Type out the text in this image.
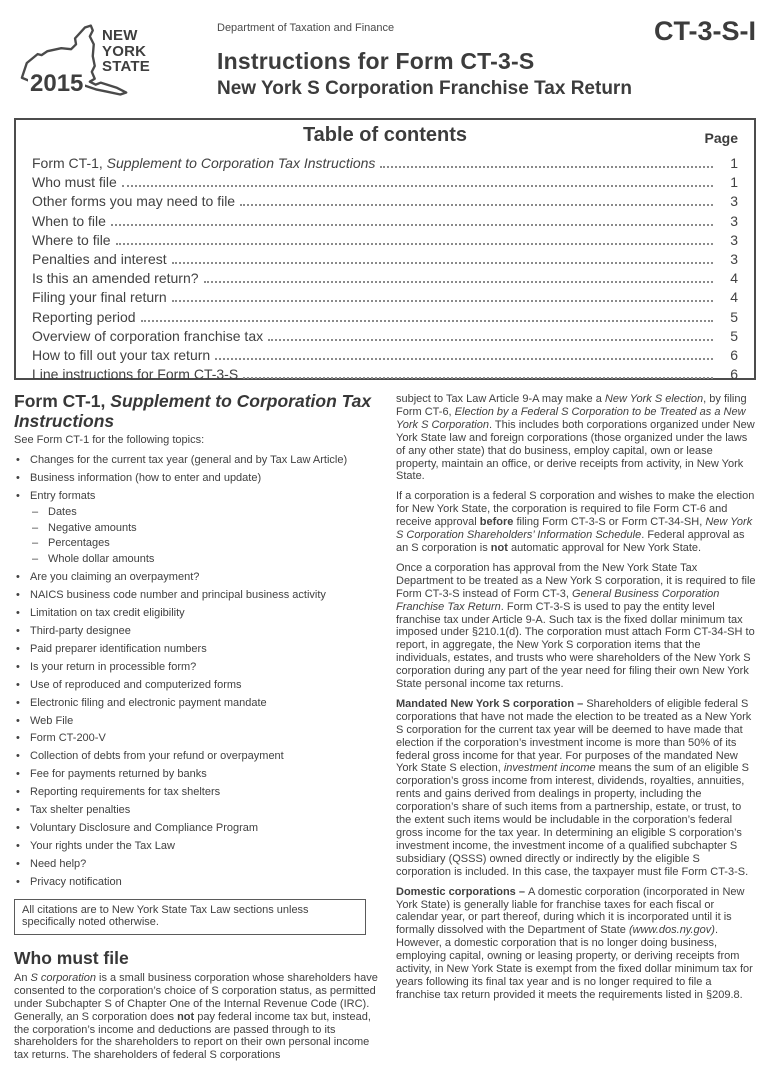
NEW
YORK
STATE
2015
Department of Taxation and Finance
Instructions for Form CT-3-S
New York S Corporation Franchise Tax Return
CT-3-S-I
Table of contents	Page
Form CT-1, Supplement to Corporation Tax Instructions	1
Who must file	1
Other forms you may need to file	3
When to file	3
Where to file	3
Penalties and interest	3
Is this an amended return?	4
Filing your final return	4
Reporting period	5
Overview of corporation franchise tax	5
How to fill out your tax return	6
Line instructions for Form CT-3-S	6
Form CT-1, Supplement to Corporation Tax Instructions
See Form CT-1 for the following topics:
• Changes for the current tax year (general and by Tax Law Article)
• Business information (how to enter and update)
• Entry formats
– Dates
– Negative amounts
– Percentages
– Whole dollar amounts
• Are you claiming an overpayment?
• NAICS business code number and principal business activity
• Limitation on tax credit eligibility
• Third-party designee
• Paid preparer identification numbers
• Is your return in processible form?
• Use of reproduced and computerized forms
• Electronic filing and electronic payment mandate
• Web File
• Form CT-200-V
• Collection of debts from your refund or overpayment
• Fee for payments returned by banks
• Reporting requirements for tax shelters
• Tax shelter penalties
• Voluntary Disclosure and Compliance Program
• Your rights under the Tax Law
• Need help?
• Privacy notification
All citations are to New York State Tax Law sections unless specifically noted otherwise.
Who must file

An S corporation is a small business corporation whose shareholders have consented to the corporation’s choice of S corporation status, as permitted under Subchapter S of Chapter One of the Internal Revenue Code (IRC). Generally, an S corporation does not pay federal income tax but, instead, the corporation’s income and deductions are passed through to its shareholders for the shareholders to report on their own personal income tax returns. The shareholders of federal S corporations

subject to Tax Law Article 9-A may make a New York S election, by filing Form CT-6, Election by a Federal S Corporation to be Treated as a New York S Corporation. This includes both corporations organized under New York State law and foreign corporations (those organized under the laws of any other state) that do business, employ capital, own or lease property, maintain an office, or derive receipts from activity, in New York State.

If a corporation is a federal S corporation and wishes to make the election for New York State, the corporation is required to file Form CT-6 and receive approval before filing Form CT-3-S or Form CT-34-SH, New York S Corporation Shareholders’ Information Schedule. Federal approval as an S corporation is not automatic approval for New York State.

Once a corporation has approval from the New York State Tax Department to be treated as a New York S corporation, it is required to file Form CT-3-S instead of Form CT-3, General Business Corporation Franchise Tax Return. Form CT-3-S is used to pay the entity level franchise tax under Article 9-A. Such tax is the fixed dollar minimum tax imposed under §210.1(d). The corporation must attach Form CT-34-SH to report, in aggregate, the New York S corporation items that the individuals, estates, and trusts who were shareholders of the New York S corporation during any part of the year need for filing their own New York State personal income tax returns.

Mandated New York S corporation – Shareholders of eligible federal S corporations that have not made the election to be treated as a New York S corporation for the current tax year will be deemed to have made that election if the corporation’s investment income is more than 50% of its federal gross income for that year. For purposes of the mandated New York State S election, investment income means the sum of an eligible S corporation’s gross income from interest, dividends, royalties, annuities, rents and gains derived from dealings in property, including the corporation’s share of such items from a partnership, estate, or trust, to the extent such items would be includable in the corporation’s federal gross income for the tax year. In determining an eligible S corporation’s investment income, the investment income of a qualified subchapter S subsidiary (QSSS) owned directly or indirectly by the eligible S corporation is included. In this case, the taxpayer must file Form CT-3-S.

Domestic corporations – A domestic corporation (incorporated in New York State) is generally liable for franchise taxes for each fiscal or calendar year, or part thereof, during which it is incorporated until it is formally dissolved with the Department of State (www.dos.ny.gov). However, a domestic corporation that is no longer doing business, employing capital, owning or leasing property, or deriving receipts from activity, in New York State is exempt from the fixed dollar minimum tax for years following its final tax year and is no longer required to file a franchise tax return provided it meets the requirements listed in §209.8.
